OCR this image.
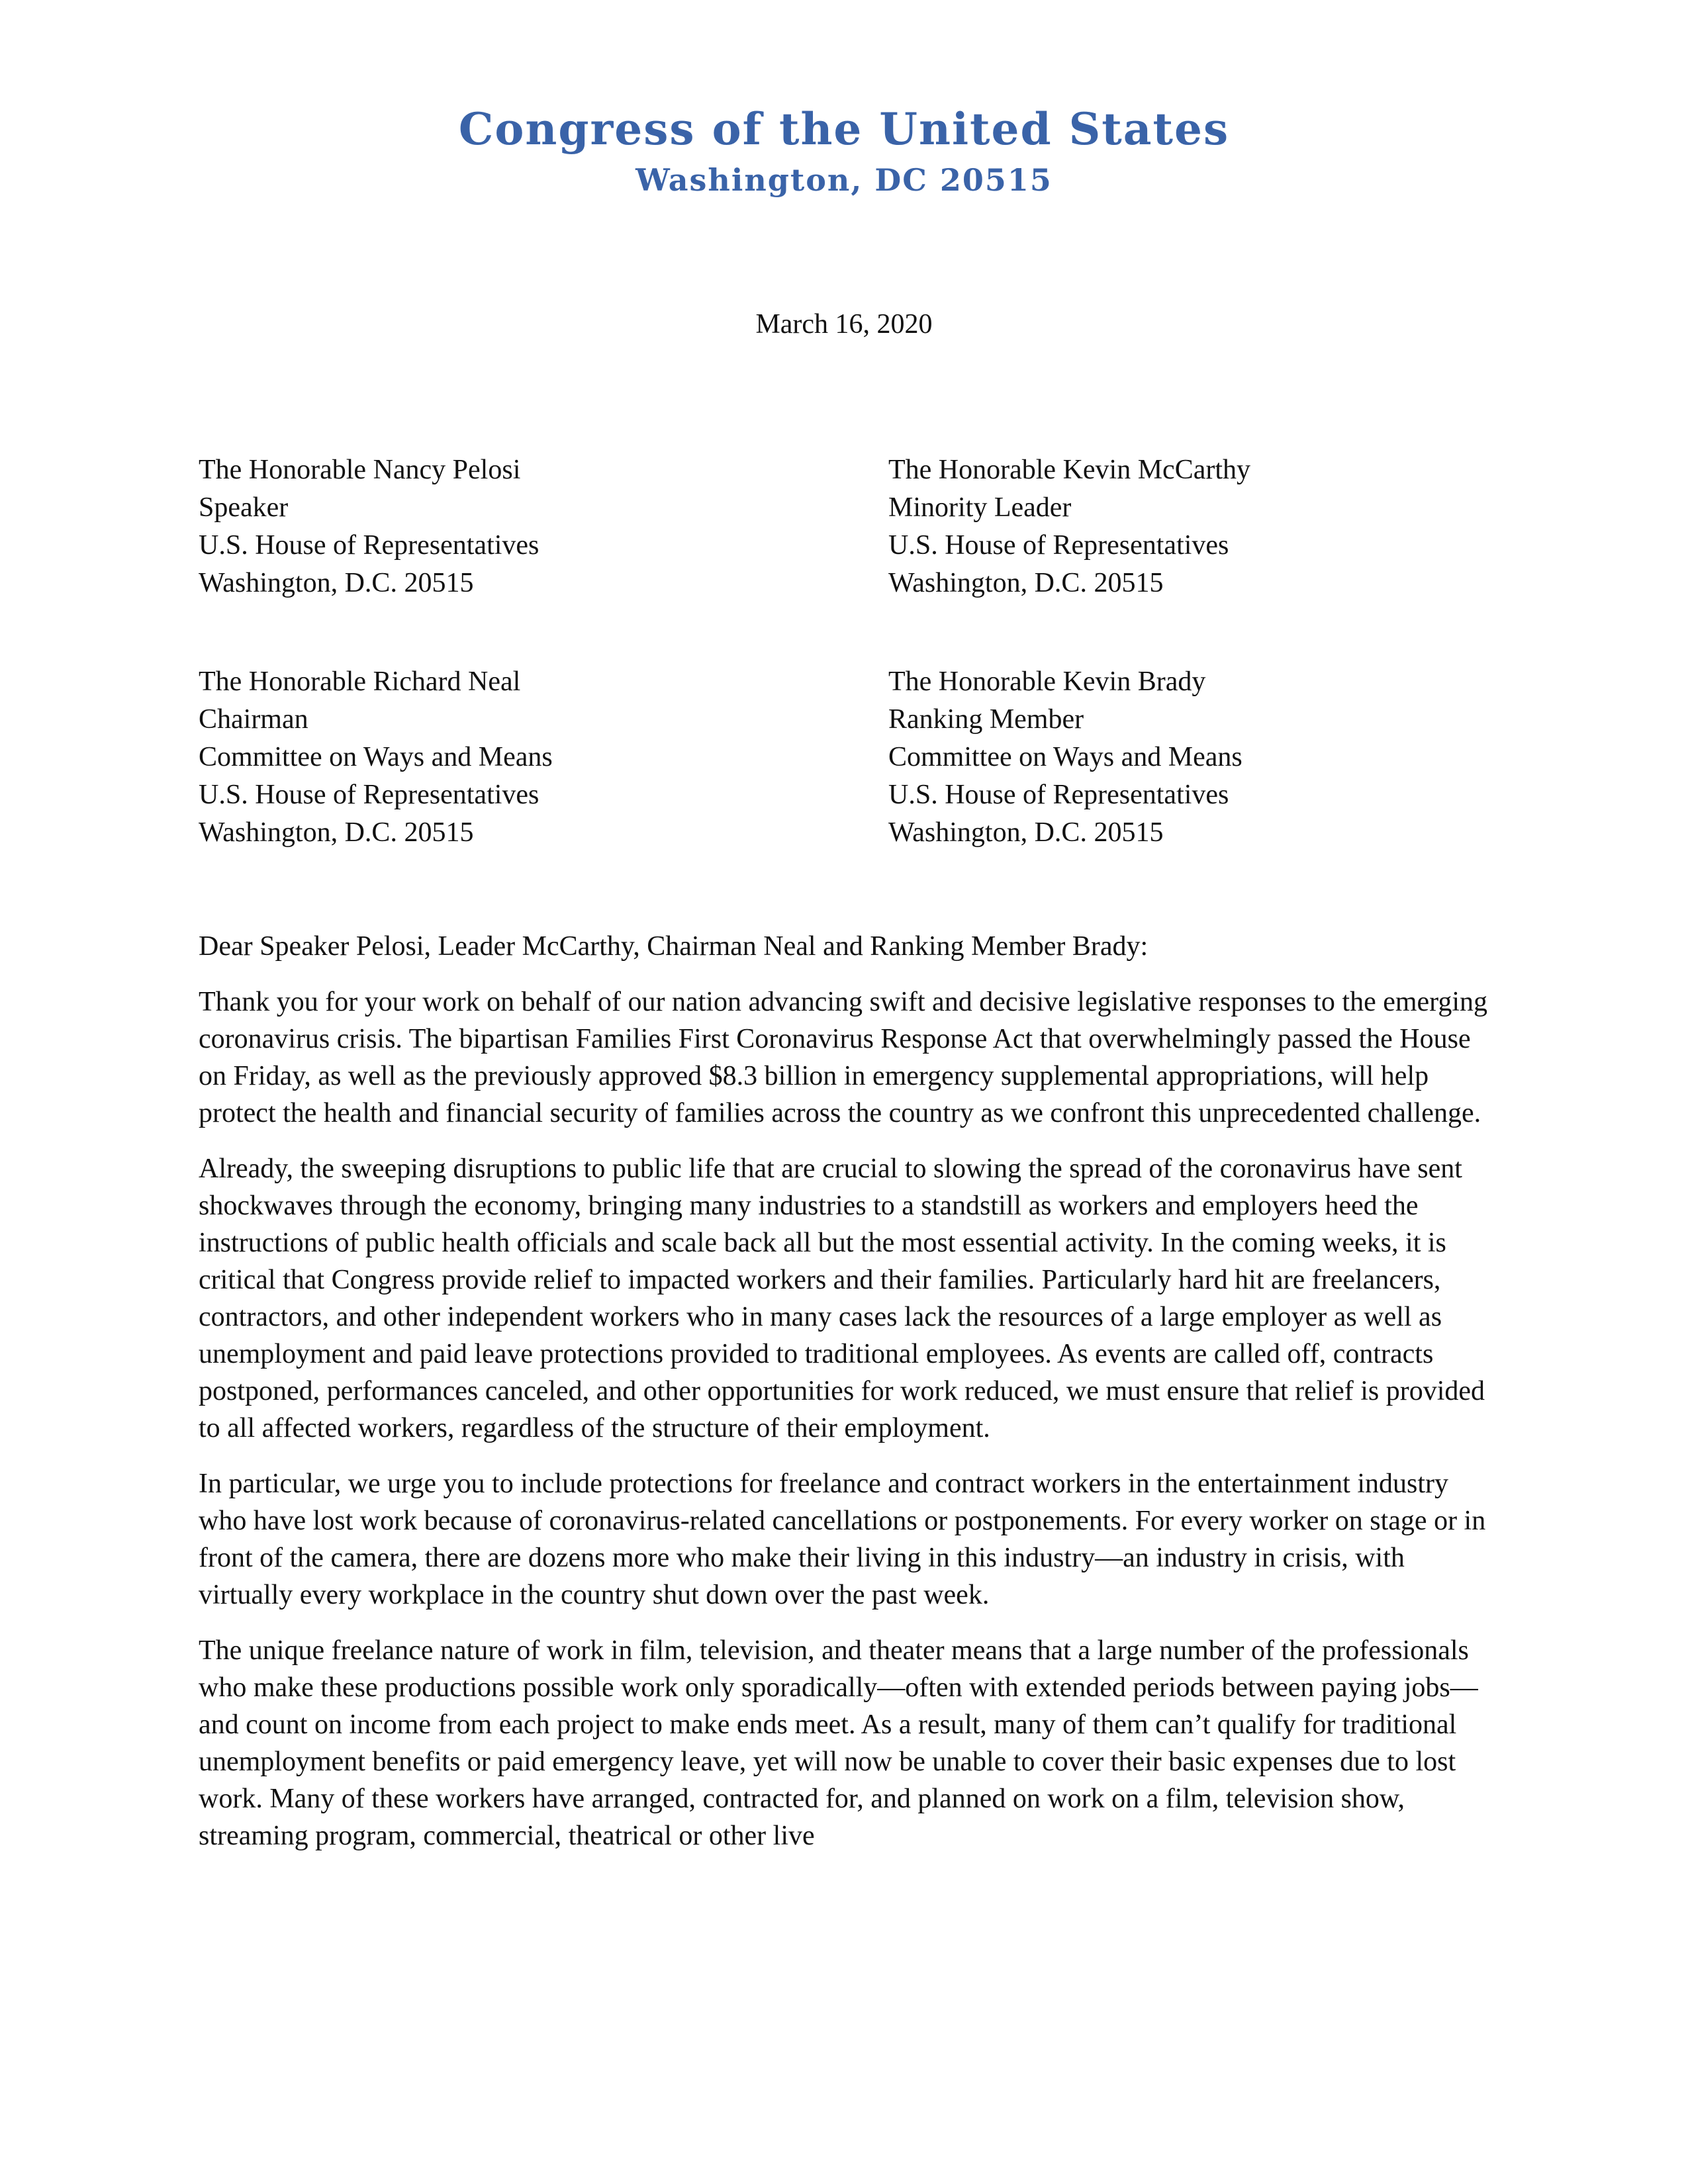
Congress of the United States
Washington, DC 20515
March 16, 2020
The Honorable Nancy Pelosi
Speaker
U.S. House of Representatives
Washington, D.C. 20515
The Honorable Kevin McCarthy
Minority Leader
U.S. House of Representatives
Washington, D.C. 20515
The Honorable Richard Neal
Chairman
Committee on Ways and Means
U.S. House of Representatives
Washington, D.C. 20515
The Honorable Kevin Brady
Ranking Member
Committee on Ways and Means
U.S. House of Representatives
Washington, D.C. 20515
Dear Speaker Pelosi, Leader McCarthy, Chairman Neal and Ranking Member Brady:

Thank you for your work on behalf of our nation advancing swift and decisive legislative responses to the emerging coronavirus crisis. The bipartisan Families First Coronavirus Response Act that overwhelmingly passed the House on Friday, as well as the previously approved $8.3 billion in emergency supplemental appropriations, will help protect the health and financial security of families across the country as we confront this unprecedented challenge.

Already, the sweeping disruptions to public life that are crucial to slowing the spread of the coronavirus have sent shockwaves through the economy, bringing many industries to a standstill as workers and employers heed the instructions of public health officials and scale back all but the most essential activity. In the coming weeks, it is critical that Congress provide relief to impacted workers and their families. Particularly hard hit are freelancers, contractors, and other independent workers who in many cases lack the resources of a large employer as well as unemployment and paid leave protections provided to traditional employees. As events are called off, contracts postponed, performances canceled, and other opportunities for work reduced, we must ensure that relief is provided to all affected workers, regardless of the structure of their employment.

In particular, we urge you to include protections for freelance and contract workers in the entertainment industry who have lost work because of coronavirus-related cancellations or postponements. For every worker on stage or in front of the camera, there are dozens more who make their living in this industry—an industry in crisis, with virtually every workplace in the country shut down over the past week.

The unique freelance nature of work in film, television, and theater means that a large number of the professionals who make these productions possible work only sporadically—often with extended periods between paying jobs—and count on income from each project to make ends meet. As a result, many of them can’t qualify for traditional unemployment benefits or paid emergency leave, yet will now be unable to cover their basic expenses due to lost work. Many of these workers have arranged, contracted for, and planned on work on a film, television show, streaming program, commercial, theatrical or other live
